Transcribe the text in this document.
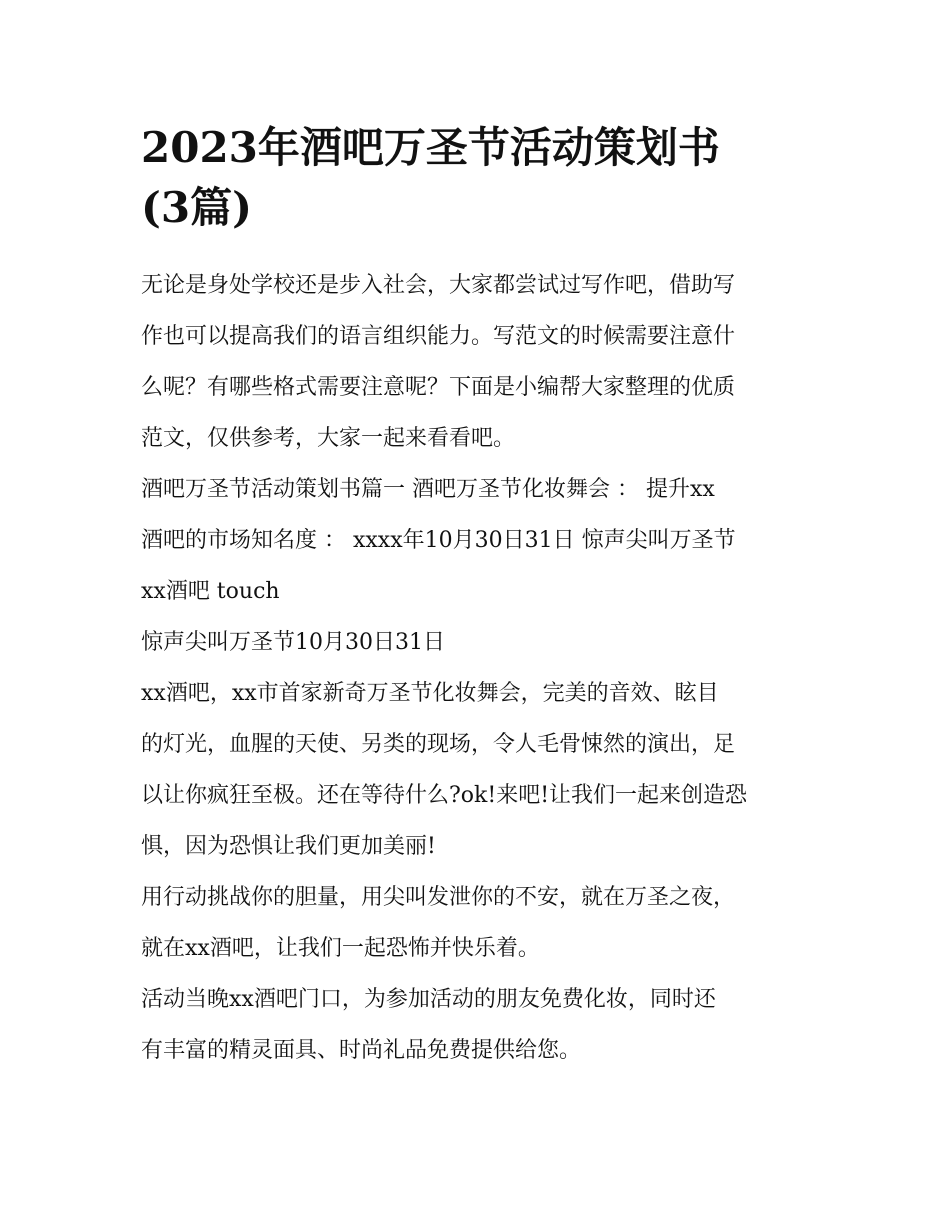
2023年酒吧万圣节活动策划书
(3篇)

无论是身处学校还是步入社会，大家都尝试过写作吧，借助写
作也可以提高我们的语言组织能力。写范文的时候需要注意什
么呢？有哪些格式需要注意呢？下面是小编帮大家整理的优质
范文，仅供参考，大家一起来看看吧。

酒吧万圣节活动策划书篇一 酒吧万圣节化妆舞会 ： 提升xx
酒吧的市场知名度 ： xxxx年10月30日31日 惊声尖叫万圣节
xx酒吧 touch

惊声尖叫万圣节10月30日31日

xx酒吧，xx市首家新奇万圣节化妆舞会，完美的音效、眩目
的灯光，血腥的天使、另类的现场，令人毛骨悚然的演出，足
以让你疯狂至极。还在等待什么?ok!来吧!让我们一起来创造恐
惧，因为恐惧让我们更加美丽!

用行动挑战你的胆量，用尖叫发泄你的不安，就在万圣之夜，
就在xx酒吧，让我们一起恐怖并快乐着。

活动当晚xx酒吧门口，为参加活动的朋友免费化妆，同时还
有丰富的精灵面具、时尚礼品免费提供给您。
